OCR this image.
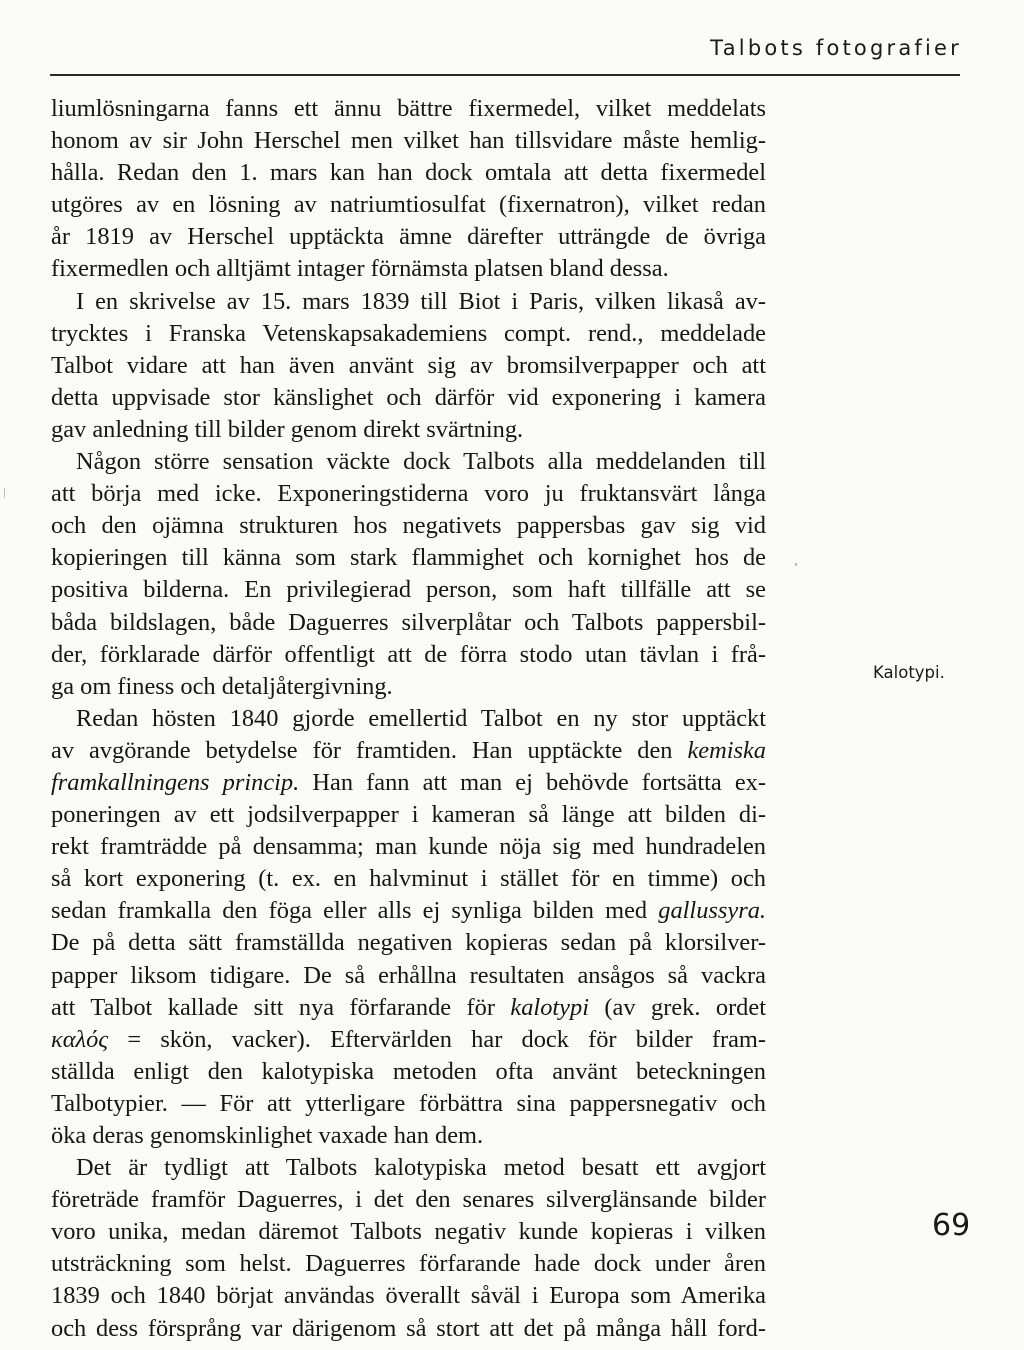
Talbots fotografier
liumlösningarna fanns ett ännu bättre fixermedel, vilket meddelats
honom av sir John Herschel men vilket han tillsvidare måste hemlig-
hålla. Redan den 1. mars kan han dock omtala att detta fixermedel
utgöres av en lösning av natriumtiosulfat (fixernatron), vilket redan
år 1819 av Herschel upptäckta ämne därefter utträngde de övriga
fixermedlen och alltjämt intager förnämsta platsen bland dessa.
I en skrivelse av 15. mars 1839 till Biot i Paris, vilken likaså av-
trycktes i Franska Vetenskapsakademiens compt. rend., meddelade
Talbot vidare att han även använt sig av bromsilverpapper och att
detta uppvisade stor känslighet och därför vid exponering i kamera
gav anledning till bilder genom direkt svärtning.
Någon större sensation väckte dock Talbots alla meddelanden till
att börja med icke. Exponeringstiderna voro ju fruktansvärt långa
och den ojämna strukturen hos negativets pappersbas gav sig vid
kopieringen till känna som stark flammighet och kornighet hos de
positiva bilderna. En privilegierad person, som haft tillfälle att se
båda bildslagen, både Daguerres silverplåtar och Talbots pappersbil-
der, förklarade därför offentligt att de förra stodo utan tävlan i frå-
ga om finess och detaljåtergivning.
Redan hösten 1840 gjorde emellertid Talbot en ny stor upptäckt
av avgörande betydelse för framtiden. Han upptäckte den kemiska
framkallningens princip. Han fann att man ej behövde fortsätta ex-
poneringen av ett jodsilverpapper i kameran så länge att bilden di-
rekt framträdde på densamma; man kunde nöja sig med hundradelen
så kort exponering (t. ex. en halvminut i stället för en timme) och
sedan framkalla den föga eller alls ej synliga bilden med gallussyra.
De på detta sätt framställda negativen kopieras sedan på klorsilver-
papper liksom tidigare. De så erhållna resultaten ansågos så vackra
att Talbot kallade sitt nya förfarande för kalotypi (av grek. ordet
καλός = skön, vacker). Eftervärlden har dock för bilder fram-
ställda enligt den kalotypiska metoden ofta använt beteckningen
Talbotypier. — För att ytterligare förbättra sina pappersnegativ och
öka deras genomskinlighet vaxade han dem.
Det är tydligt att Talbots kalotypiska metod besatt ett avgjort
företräde framför Daguerres, i det den senares silverglänsande bilder
voro unika, medan däremot Talbots negativ kunde kopieras i vilken
utsträckning som helst. Daguerres förfarande hade dock under åren
1839 och 1840 börjat användas överallt såväl i Europa som Amerika
och dess försprång var därigenom så stort att det på många håll ford-
Kalotypi.
69
